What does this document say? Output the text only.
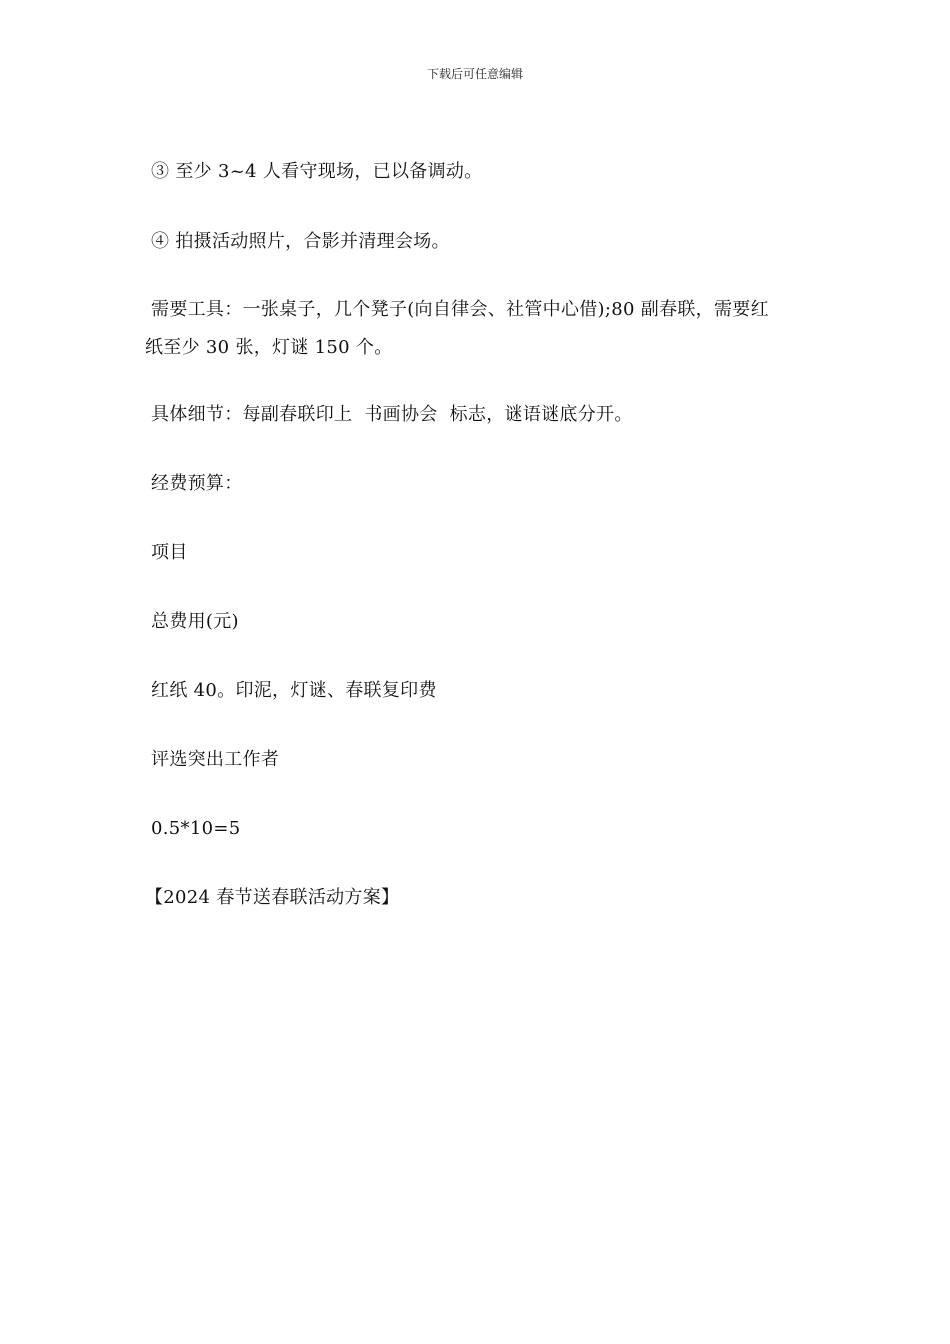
下载后可任意编辑
③ 至少 3~4 人看守现场，已以备调动。
④ 拍摄活动照片，合影并清理会场。
需要工具：一张桌子，几个凳子(向自律会、社管中心借);80 副春联，需要红
纸至少 30 张，灯谜 150 个。
具体细节：每副春联印上  书画协会  标志，谜语谜底分开。
经费预算：
项目
总费用(元)
红纸 40。印泥，灯谜、春联复印费
评选突出工作者
0.5*10=5
【2024 春节送春联活动方案】
